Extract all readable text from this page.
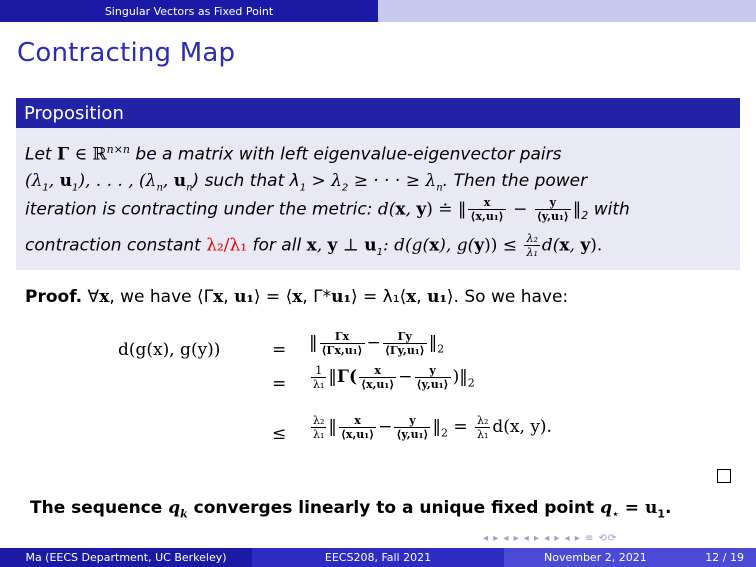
Singular Vectors as Fixed Point
Contracting Map
Proposition
Let Γ ∈ ℝ$^{n\times n}$ be a matrix with left eigenvalue-eigenvector pairs
($\lambda_1$, $u_1$), . . . , ($\lambda_n$, $u_n$) such that $\lambda_1 > \lambda_2$ ≥ · · · ≥ $\lambda_n$. Then the power
iteration is contracting under the metric: d(x, y) ≐ ‖ $\frac{x}{\text{⟨x,u₁⟩}} - \frac{y}{\text{⟨y,u₁⟩}}$ $‖_2$ with
contraction constant λ₂/λ₁ for all x, y ⊥ $u_1$: d(g(x), $g(y)) \le \frac{\text{λ₂}}{\text{λ₁}} d(x$, y).
Proof. ∀x, we have ⟨Γx, u₁⟩ = ⟨x, Γ*u₁⟩ = λ₁⟨x, u₁⟩. So we have:
d(g(x), g(y))	= ‖ $\frac{\Gamma x}{\text{⟨Γx,u₁⟩}} - \frac{\Gamma y}{\text{⟨Γy,u₁⟩}}$ $‖_2$
= $\frac{1}{\text{λ₁}}$ ‖Γ( $\frac{x}{\text{⟨x,u₁⟩}} - \frac{y}{\text{⟨y,u₁⟩}}$ )$‖_2$
≤ $\frac{\text{λ₂}}{\text{λ₁}}$ ‖ $\frac{x}{\text{⟨x,u₁⟩}} - \frac{y}{\text{⟨y,u₁⟩}}$ $‖_2 = \frac{\text{λ₂}}{\text{λ₁}} d(x$, y).
The sequence $q_k$ converges linearly to a unique fixed point $q_⋆ = u_1$.
◂ ▸ ◂ ▸ ◂ ▸ ◂ ▸ ◂ ▸ ≡ ⟲⟳
Ma (EECS Department, UC Berkeley)	EECS208, Fall 2021	November 2, 2021	12 / 19
